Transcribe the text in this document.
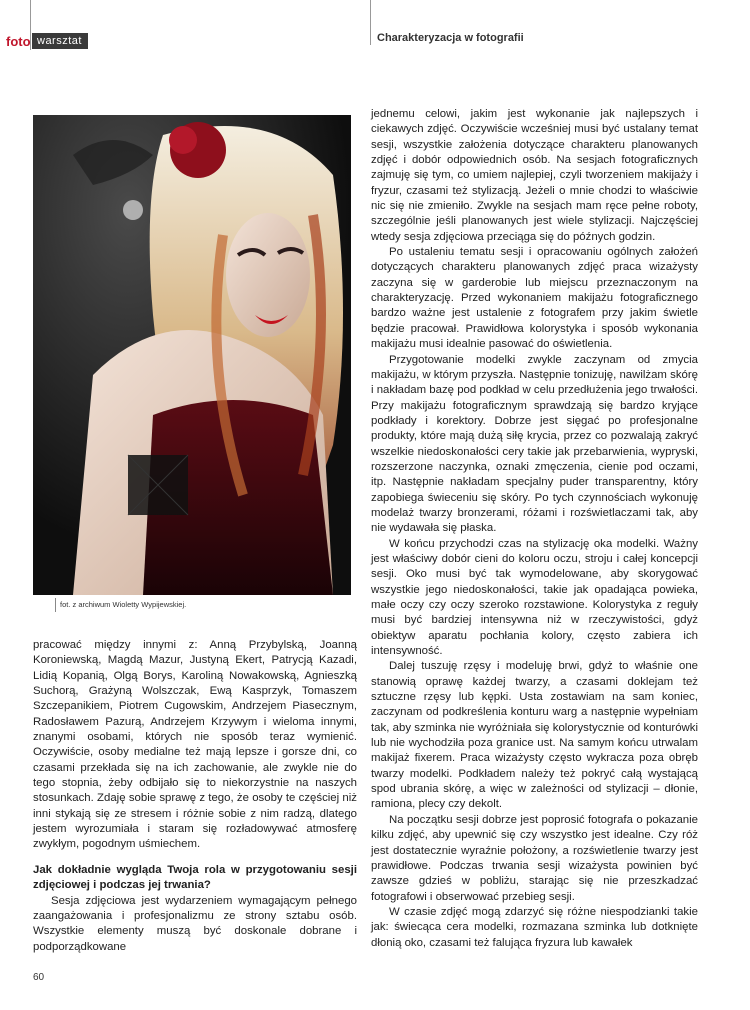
foto warsztat	Charakteryzacja w fotografii
fot. z archiwum Wioletty Wypijewskiej.

pracować między innymi z: Anną Przybylską, Joanną Koroniewską, Magdą Mazur, Justyną Ekert, Patrycją Kazadi, Lidią Kopanią, Olgą Borys, Karoliną Nowakowską, Agnieszką Suchorą, Grażyną Wolszczak, Ewą Kasprzyk, Tomaszem Szczepanikiem, Piotrem Cugowskim, Andrzejem Piasecznym, Radosławem Pazurą, Andrzejem Krzywym i wieloma innymi, znanymi osobami, których nie sposób teraz wymienić. Oczywiście, osoby medialne też mają lepsze i gorsze dni, co czasami przekłada się na ich zachowanie, ale zwykle nie do tego stopnia, żeby odbijało się to niekorzystnie na naszych stosunkach. Zdaję sobie sprawę z tego, że osoby te częściej niż inni stykają się ze stresem i różnie sobie z nim radzą, dlatego jestem wyrozumiała i staram się rozładowywać atmosferę zwykłym, pogodnym uśmiechem.

Jak dokładnie wygląda Twoja rola w przygotowaniu sesji zdjęciowej i podczas jej trwania?

Sesja zdjęciowa jest wydarzeniem wymagającym pełnego zaangażowania i profesjonalizmu ze strony sztabu osób. Wszystkie elementy muszą być doskonale dobrane i podporządkowane

jednemu celowi, jakim jest wykonanie jak najlepszych i ciekawych zdjęć. Oczywiście wcześniej musi być ustalany temat sesji, wszystkie założenia dotyczące charakteru planowanych zdjęć i dobór odpowiednich osób. Na sesjach fotograficznych zajmuję się tym, co umiem najlepiej, czyli tworzeniem makijaży i fryzur, czasami też stylizacją. Jeżeli o mnie chodzi to właściwie nic się nie zmieniło. Zwykle na sesjach mam ręce pełne roboty, szczególnie jeśli planowanych jest wiele stylizacji. Najczęściej wtedy sesja zdjęciowa przeciąga się do późnych godzin.

Po ustaleniu tematu sesji i opracowaniu ogólnych założeń dotyczących charakteru planowanych zdjęć praca wizażysty zaczyna się w garderobie lub miejscu przeznaczonym na charakteryzację. Przed wykonaniem makijażu fotograficznego bardzo ważne jest ustalenie z fotografem przy jakim świetle będzie pracował. Prawidłowa kolorystyka i sposób wykonania makijażu musi idealnie pasować do oświetlenia.

Przygotowanie modelki zwykle zaczynam od zmycia makijażu, w którym przyszła. Następnie tonizuję, nawilżam skórę i nakładam bazę pod podkład w celu przedłużenia jego trwałości. Przy makijażu fotograficznym sprawdzają się bardzo kryjące podkłady i korektory. Dobrze jest sięgać po profesjonalne produkty, które mają dużą siłę krycia, przez co pozwalają zakryć wszelkie niedoskonałości cery takie jak przebarwienia, wypryski, rozszerzone naczynka, oznaki zmęczenia, cienie pod oczami, itp. Następnie nakładam specjalny puder transparentny, który zapobiega świeceniu się skóry. Po tych czynnościach wykonuję modelaż twarzy bronzerami, różami i rozświetlaczami tak, aby nie wydawała się płaska.

W końcu przychodzi czas na stylizację oka modelki. Ważny jest właściwy dobór cieni do koloru oczu, stroju i całej koncepcji sesji. Oko musi być tak wymodelowane, aby skorygować wszystkie jego niedoskonałości, takie jak opadająca powieka, małe oczy czy oczy szeroko rozstawione. Kolorystyka z reguły musi być bardziej intensywna niż w rzeczywistości, gdyż obiektyw aparatu pochłania kolory, często zabiera ich intensywność.

Dalej tuszuję rzęsy i modeluję brwi, gdyż to właśnie one stanowią oprawę każdej twarzy, a czasami doklejam też sztuczne rzęsy lub kępki. Usta zostawiam na sam koniec, zaczynam od podkreślenia konturu warg a następnie wypełniam tak, aby szminka nie wyróżniała się kolorystycznie od konturówki lub nie wychodziła poza granice ust. Na samym końcu utrwalam makijaż fixerem. Praca wizażysty często wykracza poza obręb twarzy modelki. Podkładem należy też pokryć całą wystającą spod ubrania skórę, a więc w zależności od stylizacji – dłonie, ramiona, plecy czy dekolt.

Na początku sesji dobrze jest poprosić fotografa o pokazanie kilku zdjęć, aby upewnić się czy wszystko jest idealne. Czy róż jest dostatecznie wyraźnie położony, a rozświetlenie twarzy jest prawidłowe. Podczas trwania sesji wizażysta powinien być zawsze gdzieś w pobliżu, starając się nie przeszkadzać fotografowi i obserwować przebieg sesji.

W czasie zdjęć mogą zdarzyć się różne niespodzianki takie jak: świecąca cera modelki, rozmazana szminka lub dotknięte dłonią oko, czasami też falująca fryzura lub kawałek

60
